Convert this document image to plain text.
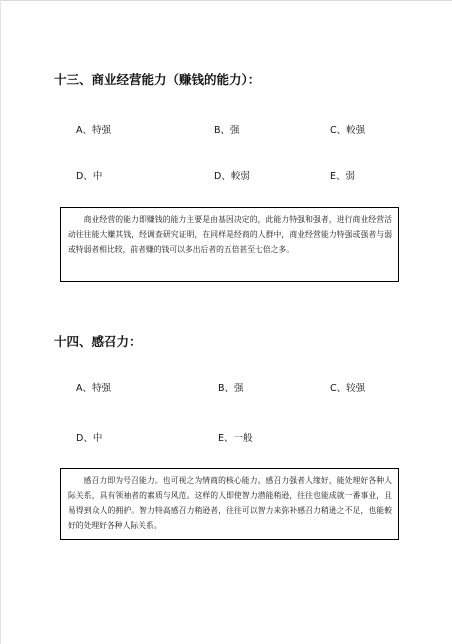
十三、商业经营能力（赚钱的能力）：
A、特强	B、强	C、較强
D、中	D、較弱	E、弱
商业经营的能力即赚钱的能力主要是由基因决定的，此能力特强和强者，进行商业经营活动往往能大赚其钱，经调查研究证明，在同样是经商的人群中，商业经营能力特强或强者与弱或特弱者相比较，前者赚的钱可以多出后者的五倍甚至七倍之多。
十四、感召力：
A、特强	B、强	C、较强
D、中	E、一般
感召力即为号召能力。也可视之为情商的核心能力。感召力强者人缘好，能处理好各种人际关系，具有领袖者的素质与风范。这样的人即使智力潜能稍逊，往往也能成就一番事业，且易得到众人的拥护。智力特高感召力稍逊者，往往可以智力来弥补感召力稍逊之不足，也能較好的处理好各种人际关系。
